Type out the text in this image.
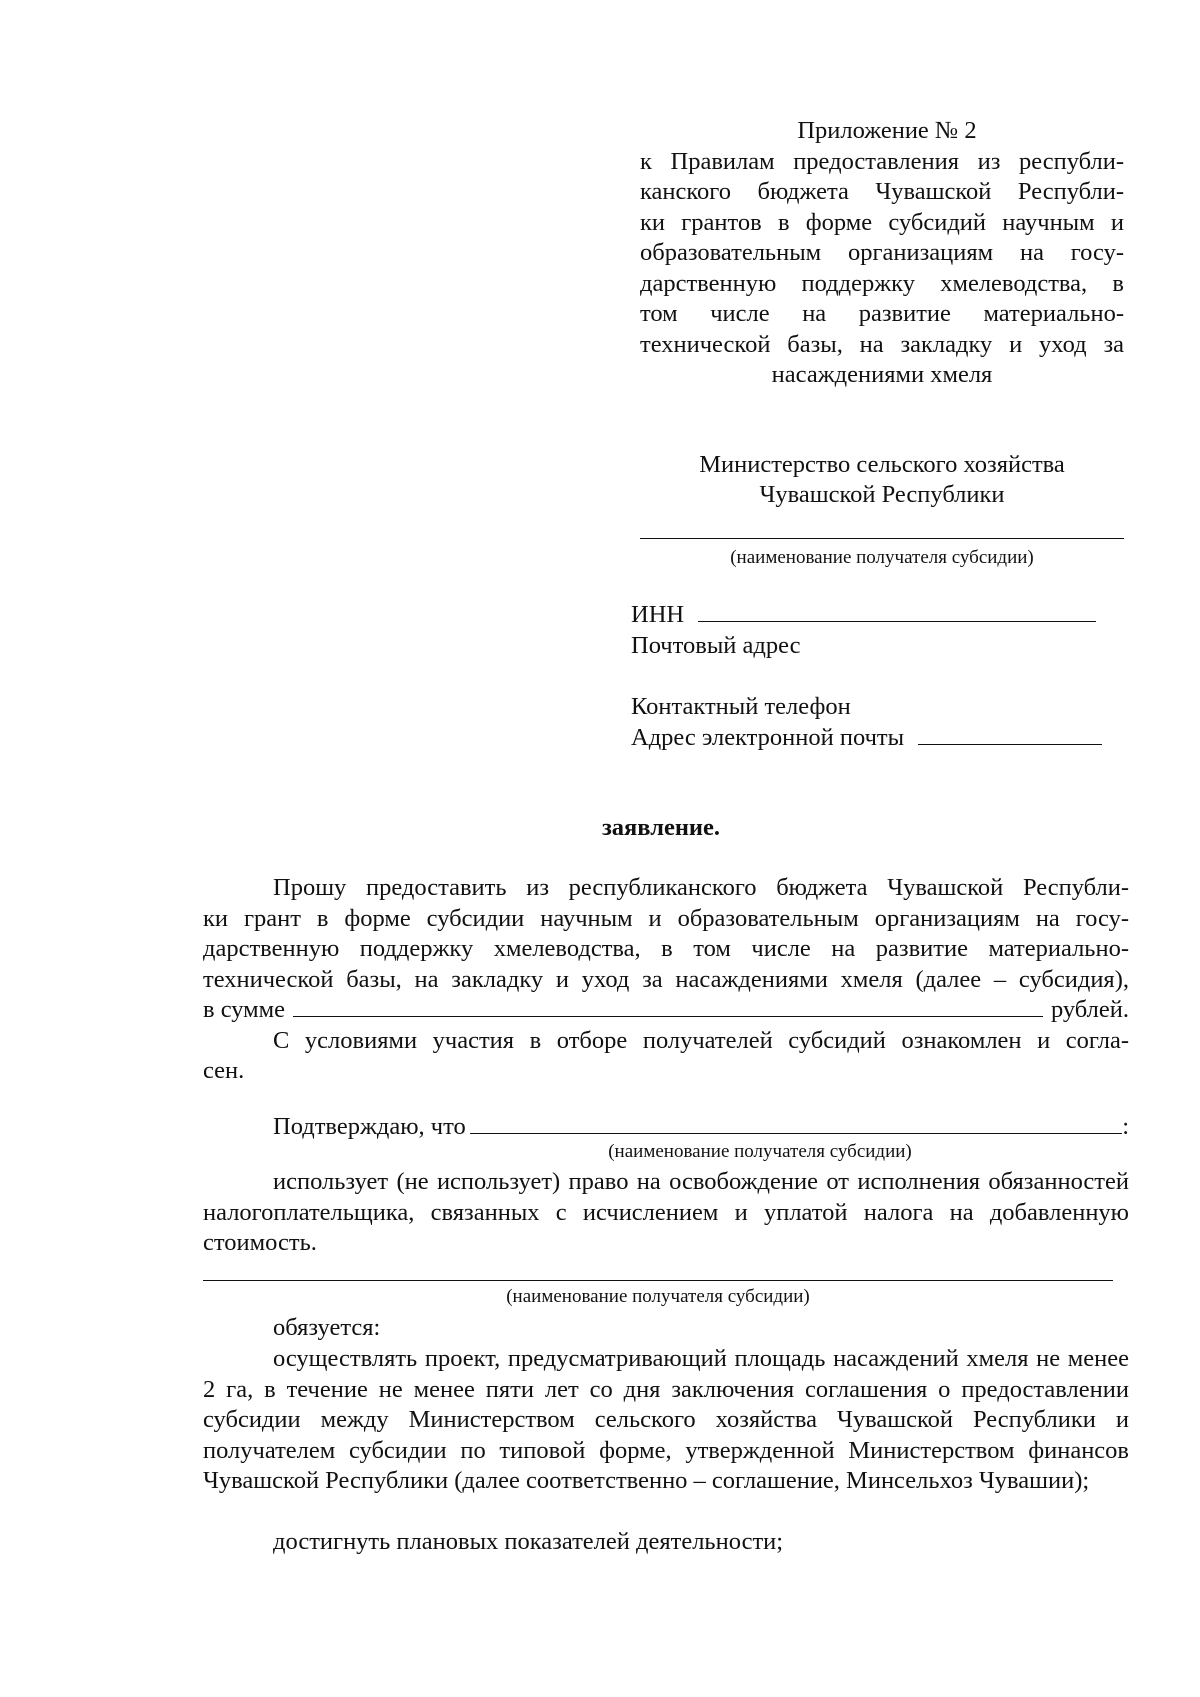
Приложение № 2
к Правилам предоставления из республи-
канского бюджета Чувашской Республи-
ки грантов в форме субсидий научным и
образовательным организациям на госу-
дарственную поддержку хмелеводства, в
том числе на развитие материально-
технической базы, на закладку и уход за
насаждениями хмеля
Министерство сельского хозяйства
Чувашской Республики
(наименование получателя субсидии)
ИНН
Почтовый адрес
Контактный телефон
Адрес электронной почты
заявление.
Прошу предоставить из республиканского бюджета Чувашской Республи-
ки грант в форме субсидии научным и образовательным организациям на госу-
дарственную поддержку хмелеводства, в том числе на развитие материально-
технической базы, на закладку и уход за насаждениями хмеля (далее – субсидия),
в сумме	рублей.
С условиями участия в отборе получателей субсидий ознакомлен и согла-
сен.
Подтверждаю, что	:
(наименование получателя субсидии)
использует (не использует) право на освобождение от исполнения обязанностей налогоплательщика, связанных с исчислением и уплатой налога на добавленную стоимость.
(наименование получателя субсидии)
обязуется:
осуществлять проект, предусматривающий площадь насаждений хмеля не менее 2 га, в течение не менее пяти лет со дня заключения соглашения о предоставлении субсидии между Министерством сельского хозяйства Чувашской Республики и получателем субсидии по типовой форме, утвержденной Министерством финансов Чувашской Республики (далее соответственно – соглашение, Минсельхоз Чувашии);
достигнуть плановых показателей деятельности;
